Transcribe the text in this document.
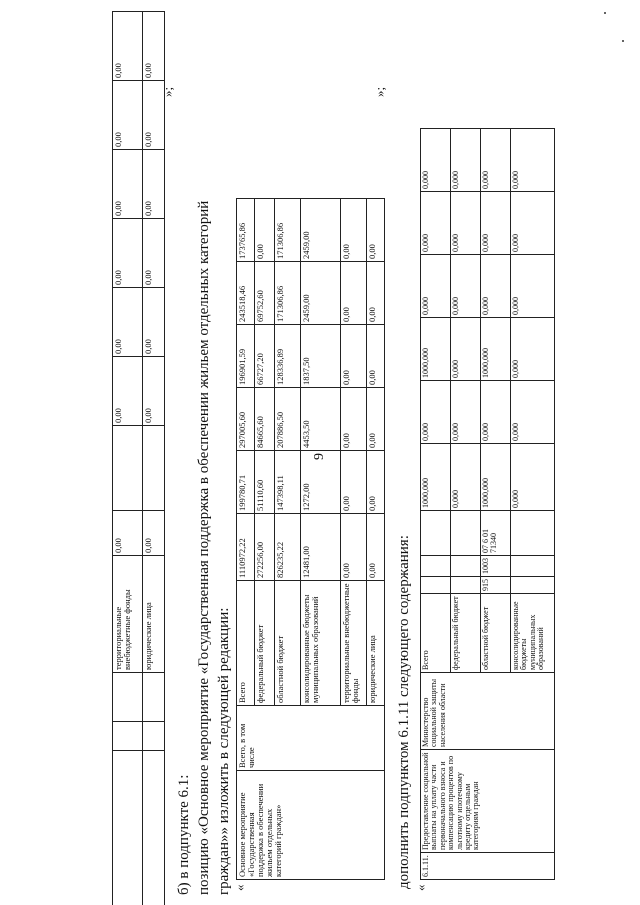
9
			территориальные внебюджетные фонды	0,00		0,00	0,00	0,00	0,00	0,00	0,00
			юридические лица	0,00		0,00	0,00	0,00	0,00	0,00	0,00
»;
б) в подпункте 6.1: позицию «Основное мероприятие «Государственная поддержка в обеспечении жильем отдельных категорий граждан»» изложить в следующей редакции: «
Основное мероприятие «Государственная поддержка в обеспечении жильем отдельных категорий граждан»	Всего, в том числе	Всего	1110972,22	199780,71	297005,60	196901,59	243518,46	173765,86
		федеральный бюджет	272256,00	51110,60	84665,60	66727,20	69752,60	0,00
		областной бюджет	826235,22	147398,11	207886,50	128336,89	171306,86	171306,86
		консолидированные бюджеты муниципальных образований	12481,00	1272,00	4453,50	1837,50	2459,00	2459,00
		территориальные внебюджетные фонды	0,00	0,00	0,00	0,00	0,00	0,00
		юридические лица	0,00	0,00	0,00	0,00	0,00	0,00
»;
дополнить подпунктом 6.1.11 следующего содержания: «
6.1.11.	Предоставление социальной выплаты на уплату части первоначального взноса и компенсацию процентов по льготному ипотечному кредиту отдельным категориям граждан	Министерство социальной защиты населения области	Всего				1000,000	0,000	1000,000	0,000	0,000	0,000
			федеральный бюджет				0,000	0,000	0,000	0,000	0,000	0,000
			областной бюджет	915	1003	07 6 01 71340	1000,000	0,000	1000,000	0,000	0,000	0,000
			консолидированные бюджеты муниципальных образований				0,000	0,000	0,000	0,000	0,000	0,000
